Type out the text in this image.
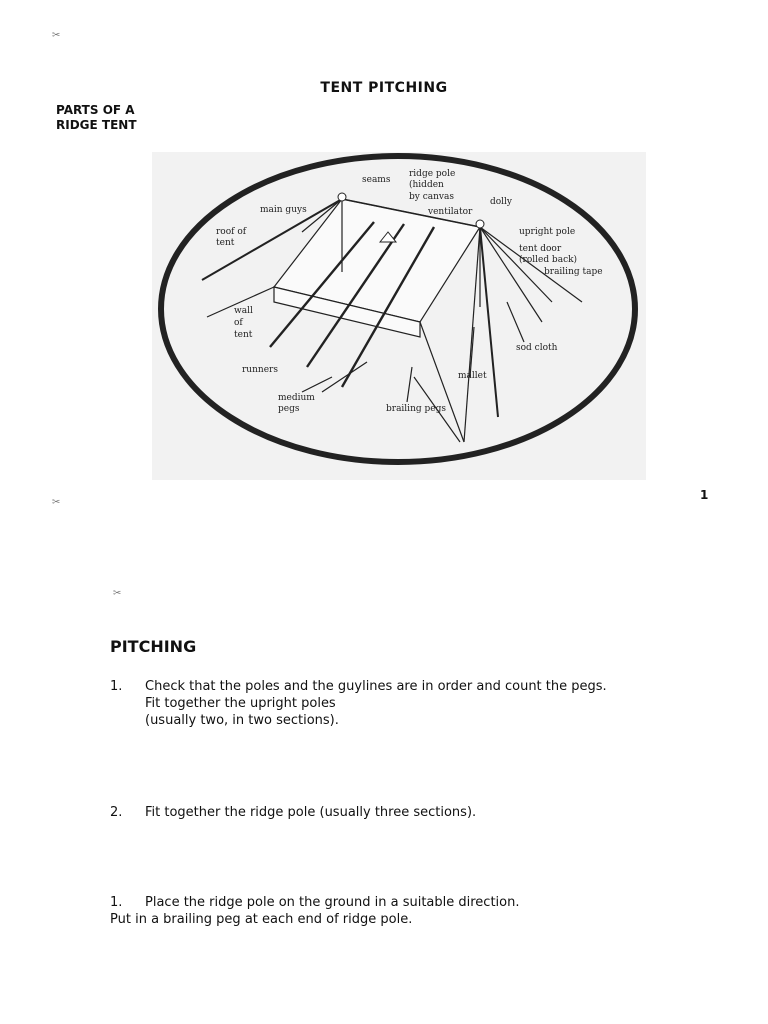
✂
TENT PITCHING
PARTS OF A
RIDGE TENT
seams
ridge pole
(hidden
by canvas
ventilator
dolly
main guys
roof of
tent
upright pole
tent door
(rolled back)
brailing tape
wall
of
tent
sod cloth
runners
mallet
medium
pegs	brailing pegs
✂
1
✂
PITCHING
1. Check that the poles and the guylines are in order and count the pegs.
Fit together the upright poles
(usually two, in two sections).
2. Fit together the ridge pole (usually three sections).
1. Place the ridge pole on the ground in a suitable direction.
Put in a brailing peg at each end of ridge pole.
